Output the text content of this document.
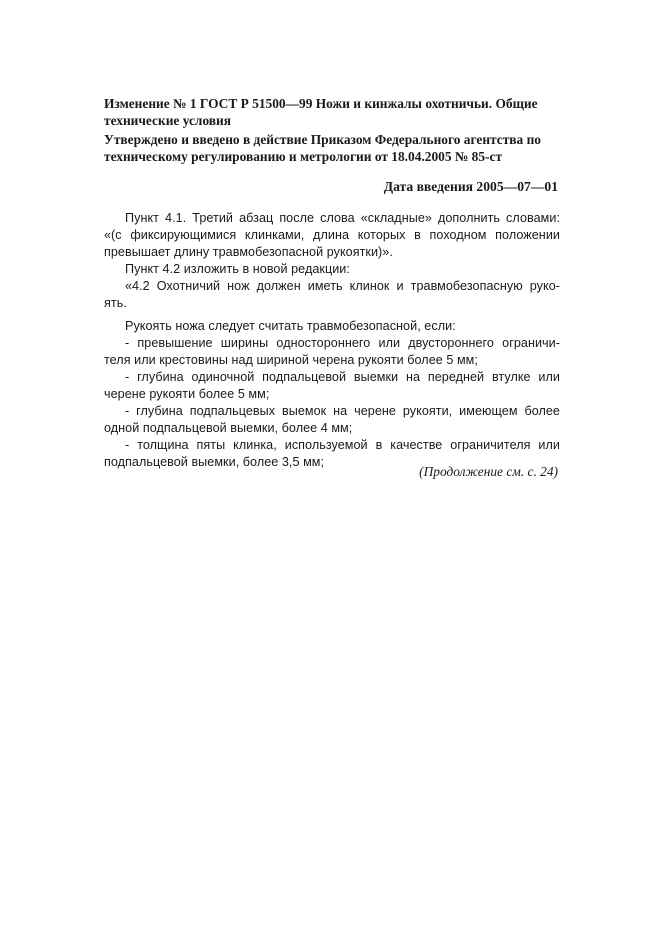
Изменение № 1 ГОСТ Р 51500—99 Ножи и кинжалы охотничьи. Общие
технические условия
Утверждено и введено в действие Приказом Федерального агентства по
техническому регулированию и метрологии от 18.04.2005 № 85-ст
Дата введения 2005—07—01
Пункт 4.1. Третий абзац после слова «складные» дополнить словами:
«(с фиксирующимися клинками, длина которых в походном положении
превышает длину травмобезопасной рукоятки)».
Пункт 4.2 изложить в новой редакции:
«4.2 Охотничий нож должен иметь клинок и травмобезопасную руко-
ять.
Рукоять ножа следует считать травмобезопасной, если:
- превышение ширины одностороннего или двустороннего ограничи-
теля или крестовины над шириной черена рукояти более 5 мм;
- глубина одиночной подпальцевой выемки на передней втулке или
черене рукояти более 5 мм;
- глубина подпальцевых выемок на черене рукояти, имеющем более
одной подпальцевой выемки, более 4 мм;
- толщина пяты клинка, используемой в качестве ограничителя или
подпальцевой выемки, более 3,5 мм;
(Продолжение см. с. 24)
